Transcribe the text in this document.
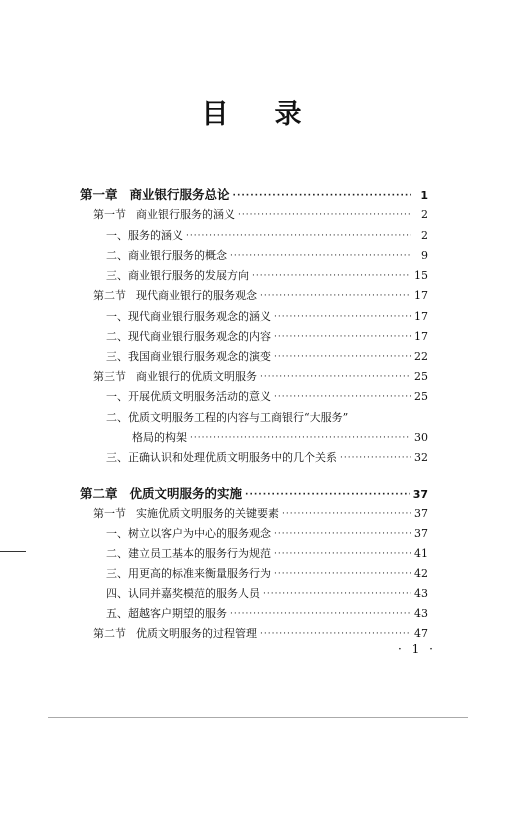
目 录
第一章 商业银行服务总论 ·····	1
第一节 商业银行服务的涵义 ·····	2
一、 服务的涵义 ·····	2
二、 商业银行服务的概念 ·····	9
三、 商业银行服务的发展方向 ·····	15
第二节 现代商业银行的服务观念 ·····	17
一、 现代商业银行服务观念的涵义 ·····	17
二、 现代商业银行服务观念的内容 ·····	17
三、 我国商业银行服务观念的演变 ·····	22
第三节 商业银行的优质文明服务 ·····	25
一、 开展优质文明服务活动的意义 ·····	25
二、 优质文明服务工程的内容与工商银行“大服务”
格局的构架 ·····	30
三、 正确认识和处理优质文明服务中的几个关系 ·····	32
第二章 优质文明服务的实施 ·····	37
第一节 实施优质文明服务的关键要素 ·····	37
一、 树立以客户为中心的服务观念 ·····	37
二、 建立员工基本的服务行为规范 ·····	41
三、 用更高的标准来衡量服务行为 ·····	42
四、 认同并嘉奖模范的服务人员 ·····	43
五、 超越客户期望的服务 ·····	43
第二节 优质文明服务的过程管理 ·····	47
· 1 ·
